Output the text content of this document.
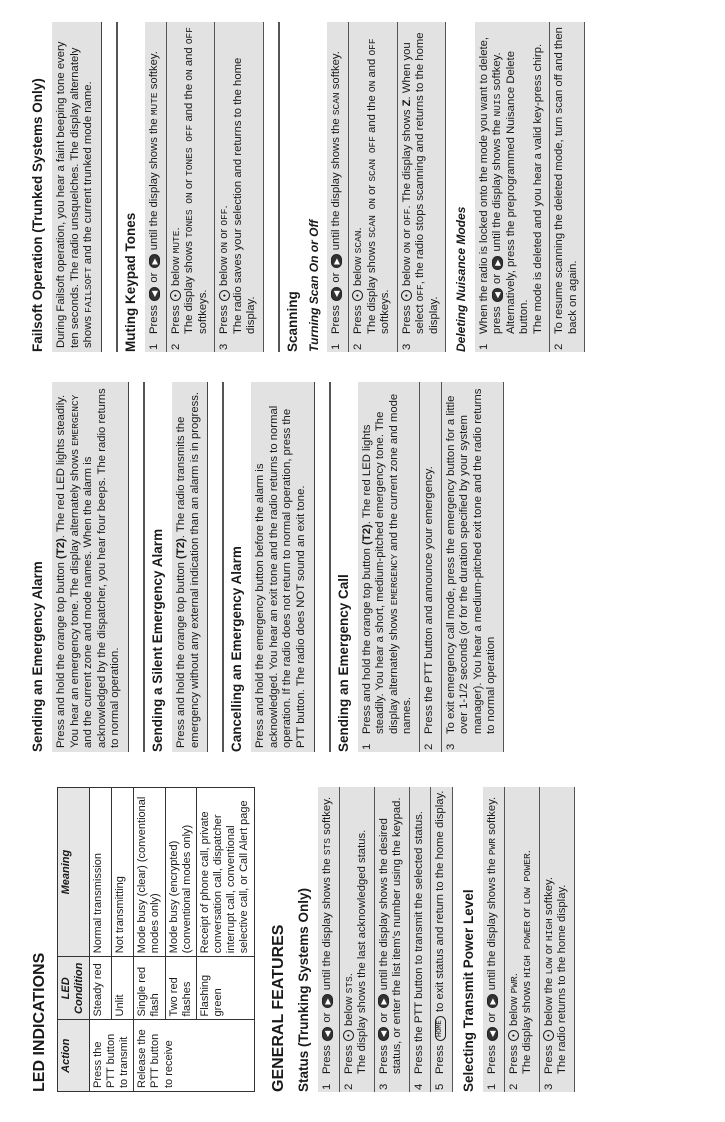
LED INDICATIONS Action	LED Condition	Meaning
Press the PTT button to transmit	Steady red	Normal transmission
	Unlit	Not transmitting
Release the PTT button to receive	Single red flash	Mode busy (clear) (conventional modes only)
	Two red flashes	Mode busy (encrypted) (conventional modes only)
	Flashing green	Receipt of phone call, private conversation call, dispatcher interrupt call, conventional selective call, or Call Alert page
GENERAL FEATURES Status (Trunking Systems Only) 1
Press ◀ or ▶ until the display shows the STS softkey.
2
Press • below STS. The display shows the last acknowledged status.
3
Press ◀ or ▶ until the display shows the desired status, or enter the list item's number using the keypad.
4
Press the PTT button to transmit the selected status.
5
Press HOME to exit status and return to the home display. Selecting Transmit Power Level 1
Press ◀ or ▶ until the display shows the PWR softkey.
2
Press • below PWR.
The display shows HIGH POWER or LOW POWER.
3
Press • below the LOW or HIGH softkey. The radio returns to the home display.
Sending an Emergency Alarm Press and hold the orange top button (T2). The red LED lights steadily. You hear an emergency tone. The display alternately shows EMERGENCY and the current zone and mode names. When the alarm is acknowledged by the dispatcher, you hear four beeps. The radio returns to normal operation.	Sending a Silent Emergency Alarm Press and hold the orange top button (T2). The radio transmits the emergency without any external indication than an alarm is in progress.	Cancelling an Emergency Alarm Press and hold the emergency button before the alarm is acknowledged. You hear an exit tone and the radio returns to normal operation. If the radio does not return to normal operation, press the PTT button. The radio does NOT sound an exit tone.	Sending an Emergency Call 1
Press and hold the orange top button (T2). The red LED lights steadily. You hear a short, medium-pitched emergency tone. The display alternately shows EMERGENCY and the current zone and mode names.
2
Press the PTT button and announce your emergency.
3
To exit emergency call mode, press the emergency button for a little over 1-1/2 seconds (or for the duration specified by your system manager). You hear a medium-pitched exit tone and the radio returns to normal operation
Failsoft Operation (Trunked Systems Only) During Failsoft operation, you hear a faint beeping tone every ten seconds. The radio unsquelches. The display alternately shows FAILSOFT and the current trunked mode name.
Muting Keypad Tones 1
Press ◀ or ▶ until the display shows the MUTE softkey.
2
Press • below MUTE.
The display shows TONES ON or TONES OFF and the ON and OFF softkeys.
3
Press • below ON or OFF. The radio saves your selection and returns to the home display.	Scanning Turning Scan On or Off 1
Press ◀ or ▶ until the display shows the SCAN softkey.
2
Press • below SCAN.
The display shows SCAN ON or SCAN OFF and the ON and OFF softkeys.
3
Press • below ON or OFF. The display shows Z. When you select OFF, the radio stops scanning and returns to the home display. Deleting Nuisance Modes 1
When the radio is locked onto the mode you want to delete, press ◀ or ▶ until the display shows the NUIS softkey. Alternatively, press the preprogrammed Nuisance Delete button. The mode is deleted and you hear a valid key-press chirp.
2
To resume scanning the deleted mode, turn scan off and then back on again.
